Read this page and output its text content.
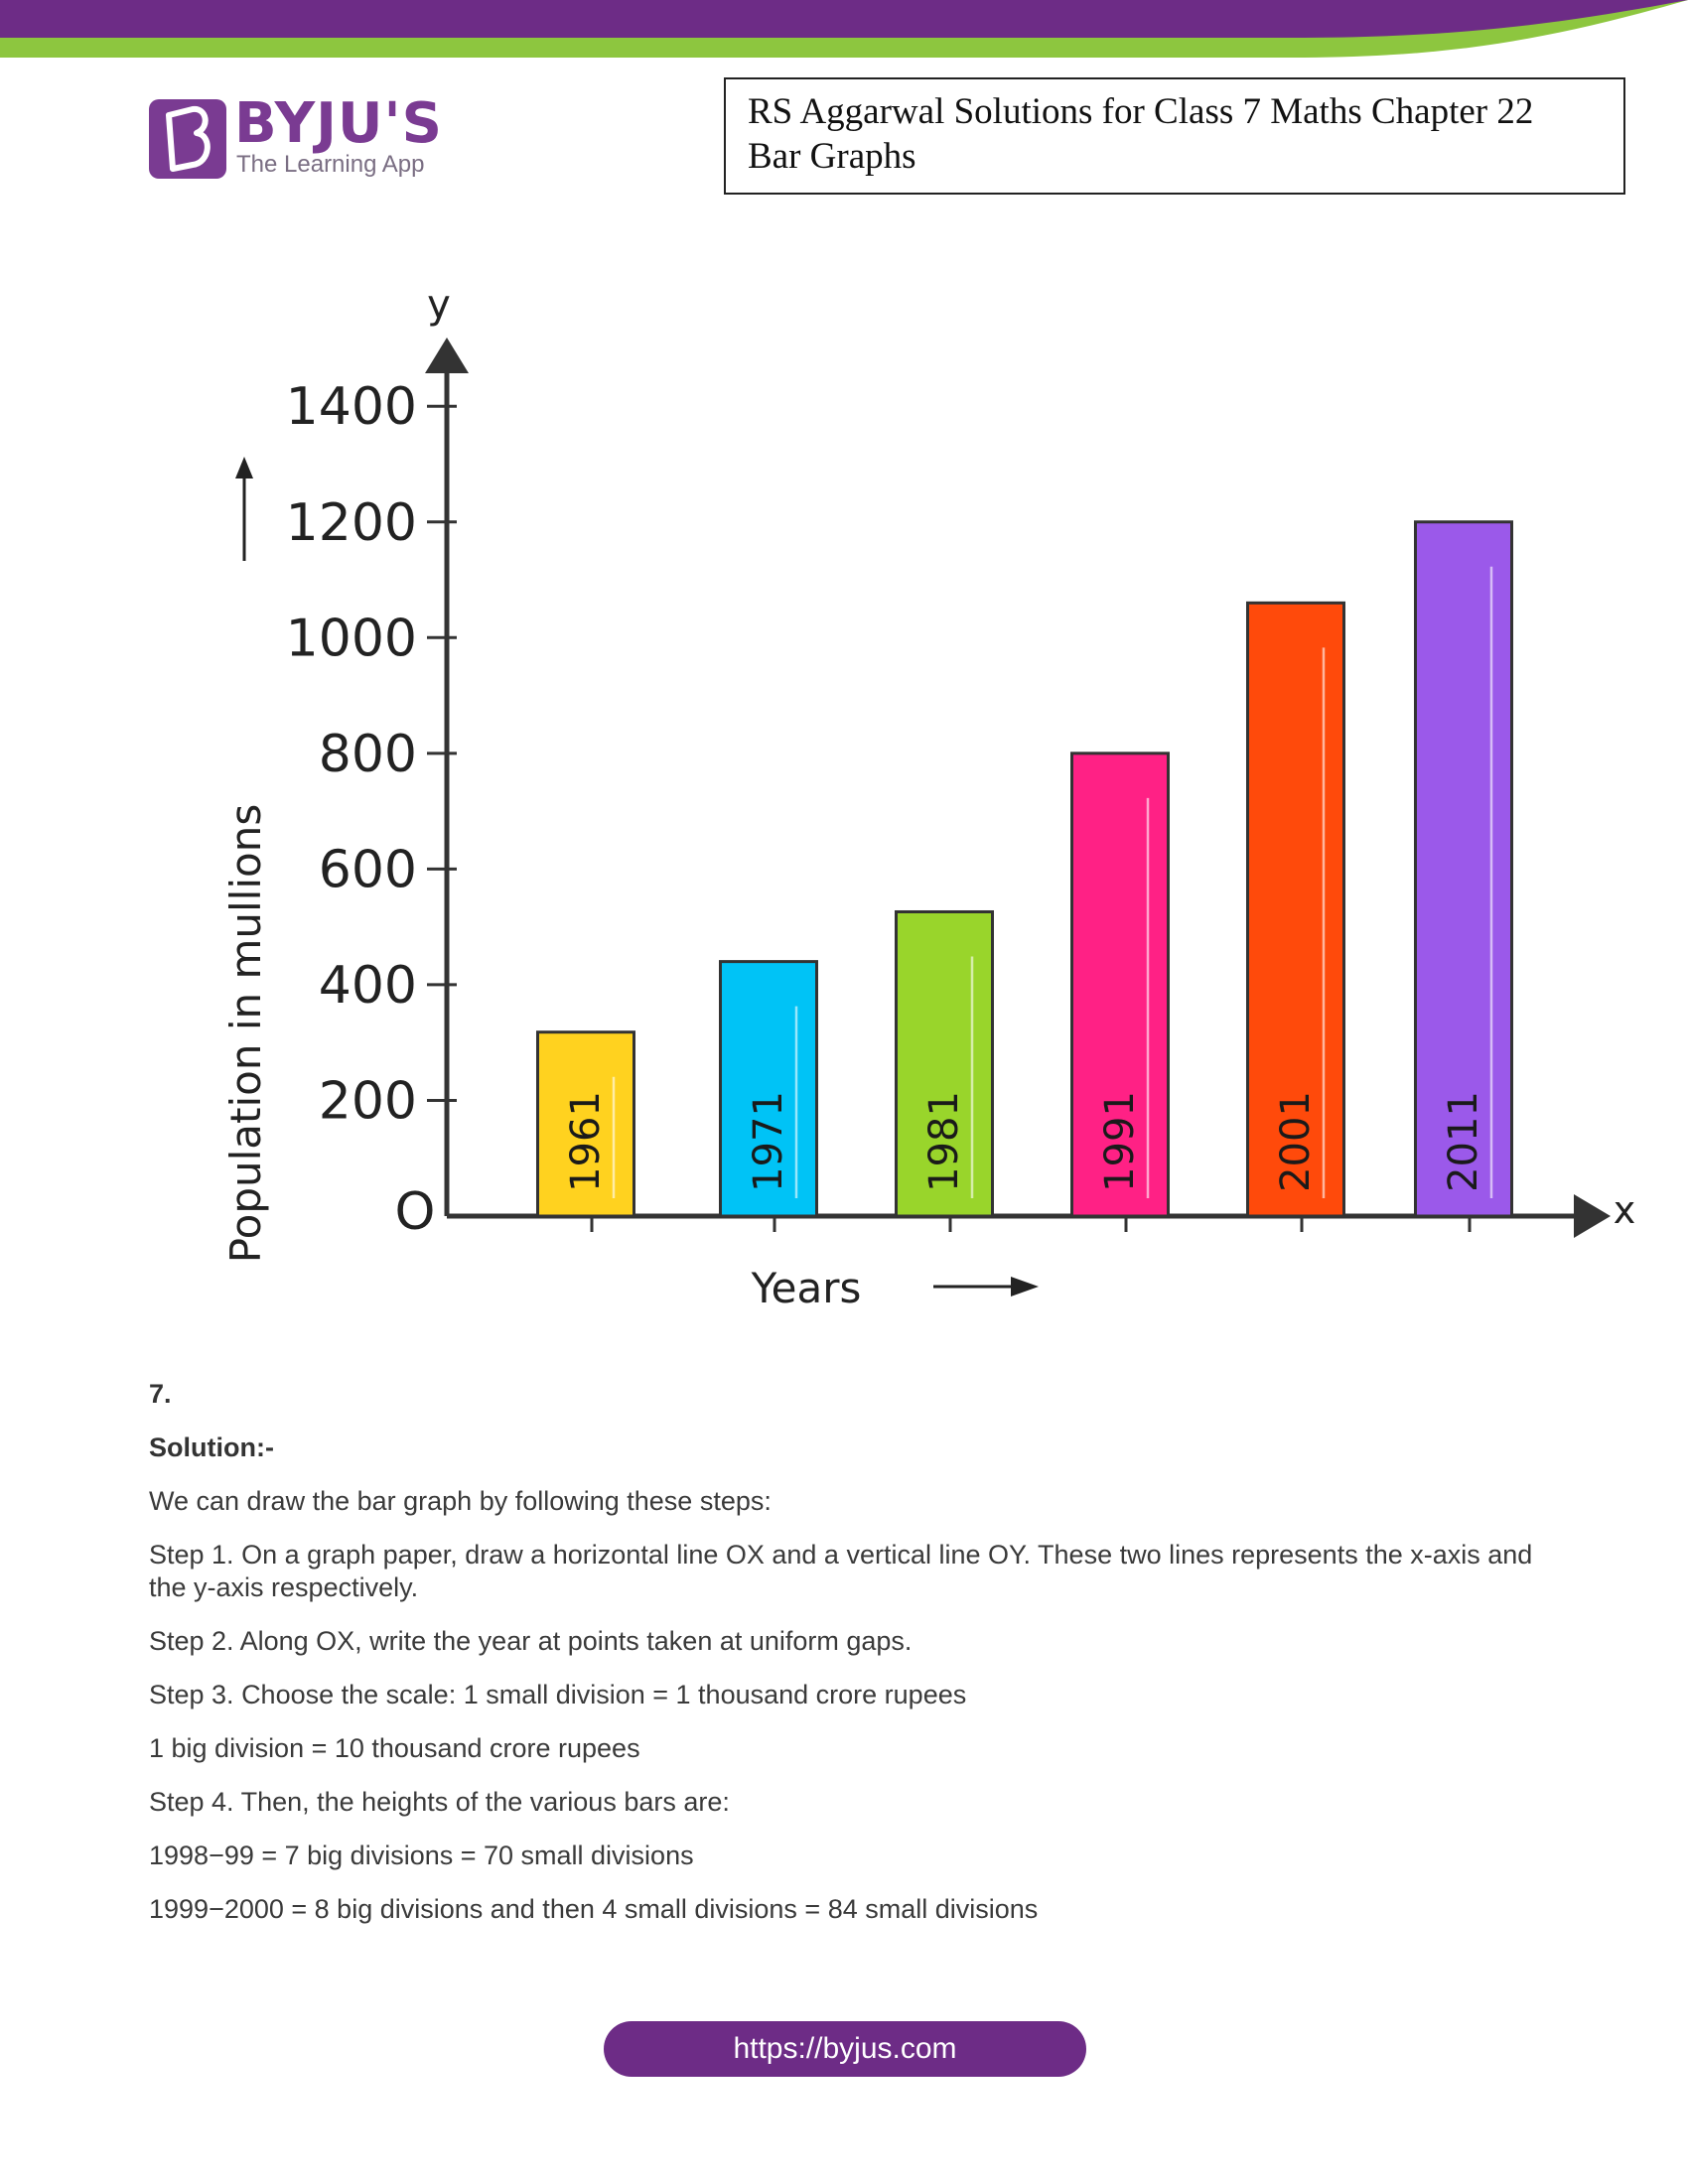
BYJU'S
The Learning App
RS Aggarwal Solutions for Class 7 Maths Chapter 22
Bar Graphs
y
x
O
Population in mullions
Years
200
400
600
800
1000
1200
1400
1961	1971	1981	1991	2001	2011

7.

Solution:-

We can draw the bar graph by following these steps:

Step 1. On a graph paper, draw a horizontal line OX and a vertical line OY. These two lines represents the x-axis and the y-axis respectively.

Step 2. Along OX, write the year at points taken at uniform gaps.

Step 3. Choose the scale: 1 small division = 1 thousand crore rupees

1 big division = 10 thousand crore rupees

Step 4. Then, the heights of the various bars are:

1998−99 = 7 big divisions = 70 small divisions

1999−2000 = 8 big divisions and then 4 small divisions = 84 small divisions

https://byjus.com
